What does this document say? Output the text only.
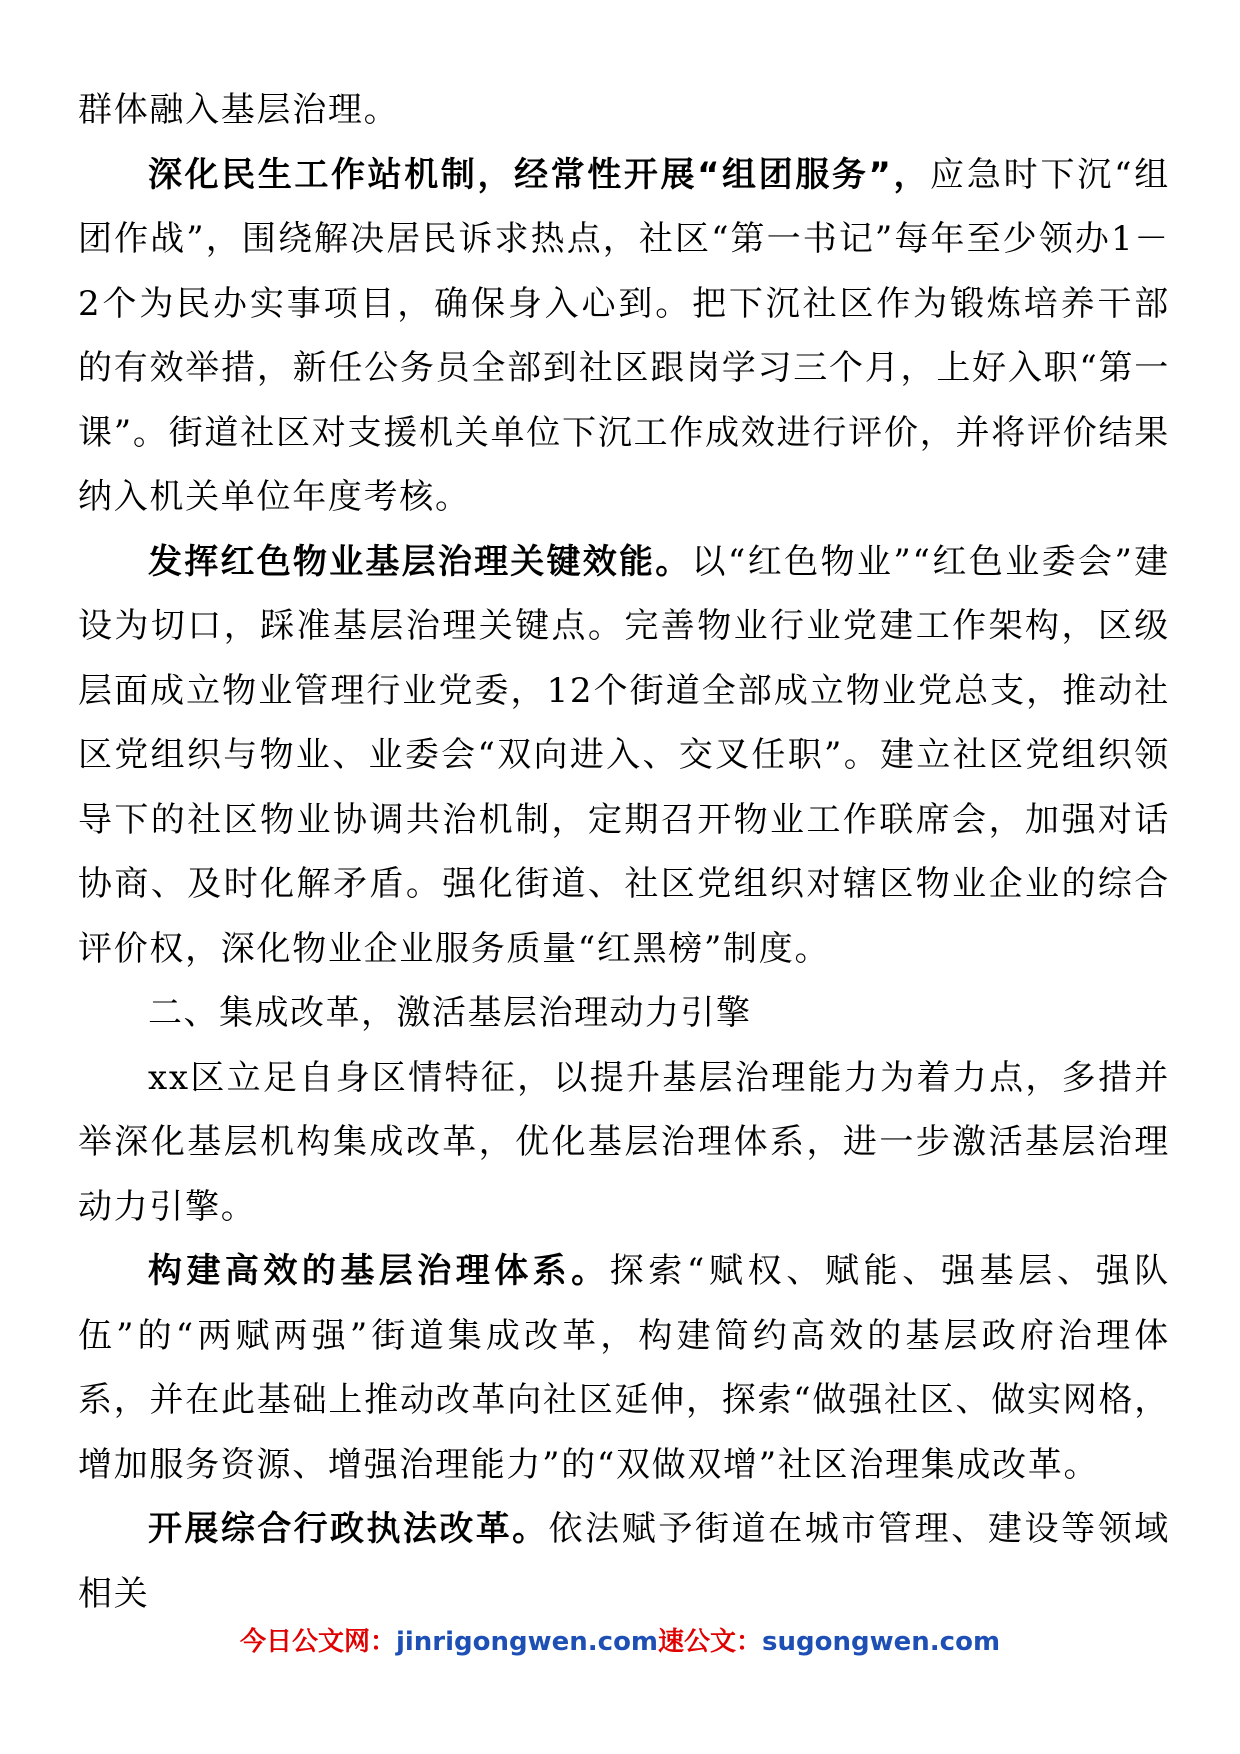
群体融入基层治理。

深化民生工作站机制，经常性开展“组团服务”，应急时下沉“组团作战”，围绕解决居民诉求热点，社区“第一书记”每年至少领办1－2个为民办实事项目，确保身入心到。把下沉社区作为锻炼培养干部的有效举措，新任公务员全部到社区跟岗学习三个月，上好入职“第一课”。街道社区对支援机关单位下沉工作成效进行评价，并将评价结果纳入机关单位年度考核。

发挥红色物业基层治理关键效能。以“红色物业”“红色业委会”建设为切口，踩准基层治理关键点。完善物业行业党建工作架构，区级层面成立物业管理行业党委，12个街道全部成立物业党总支，推动社区党组织与物业、业委会“双向进入、交叉任职”。建立社区党组织领导下的社区物业协调共治机制，定期召开物业工作联席会，加强对话协商、及时化解矛盾。强化街道、社区党组织对辖区物业企业的综合评价权，深化物业企业服务质量“红黑榜”制度。

二、集成改革，激活基层治理动力引擎

xx区立足自身区情特征，以提升基层治理能力为着力点，多措并举深化基层机构集成改革，优化基层治理体系，进一步激活基层治理动力引擎。

构建高效的基层治理体系。探索“赋权、赋能、强基层、强队伍”的“两赋两强”街道集成改革，构建简约高效的基层政府治理体系，并在此基础上推动改革向社区延伸，探索“做强社区、做实网格，增加服务资源、增强治理能力”的“双做双增”社区治理集成改革。

开展综合行政执法改革。依法赋予街道在城市管理、建设等领域相关

今日公文网：jinrigongwen.com速公文：sugongwen.com
